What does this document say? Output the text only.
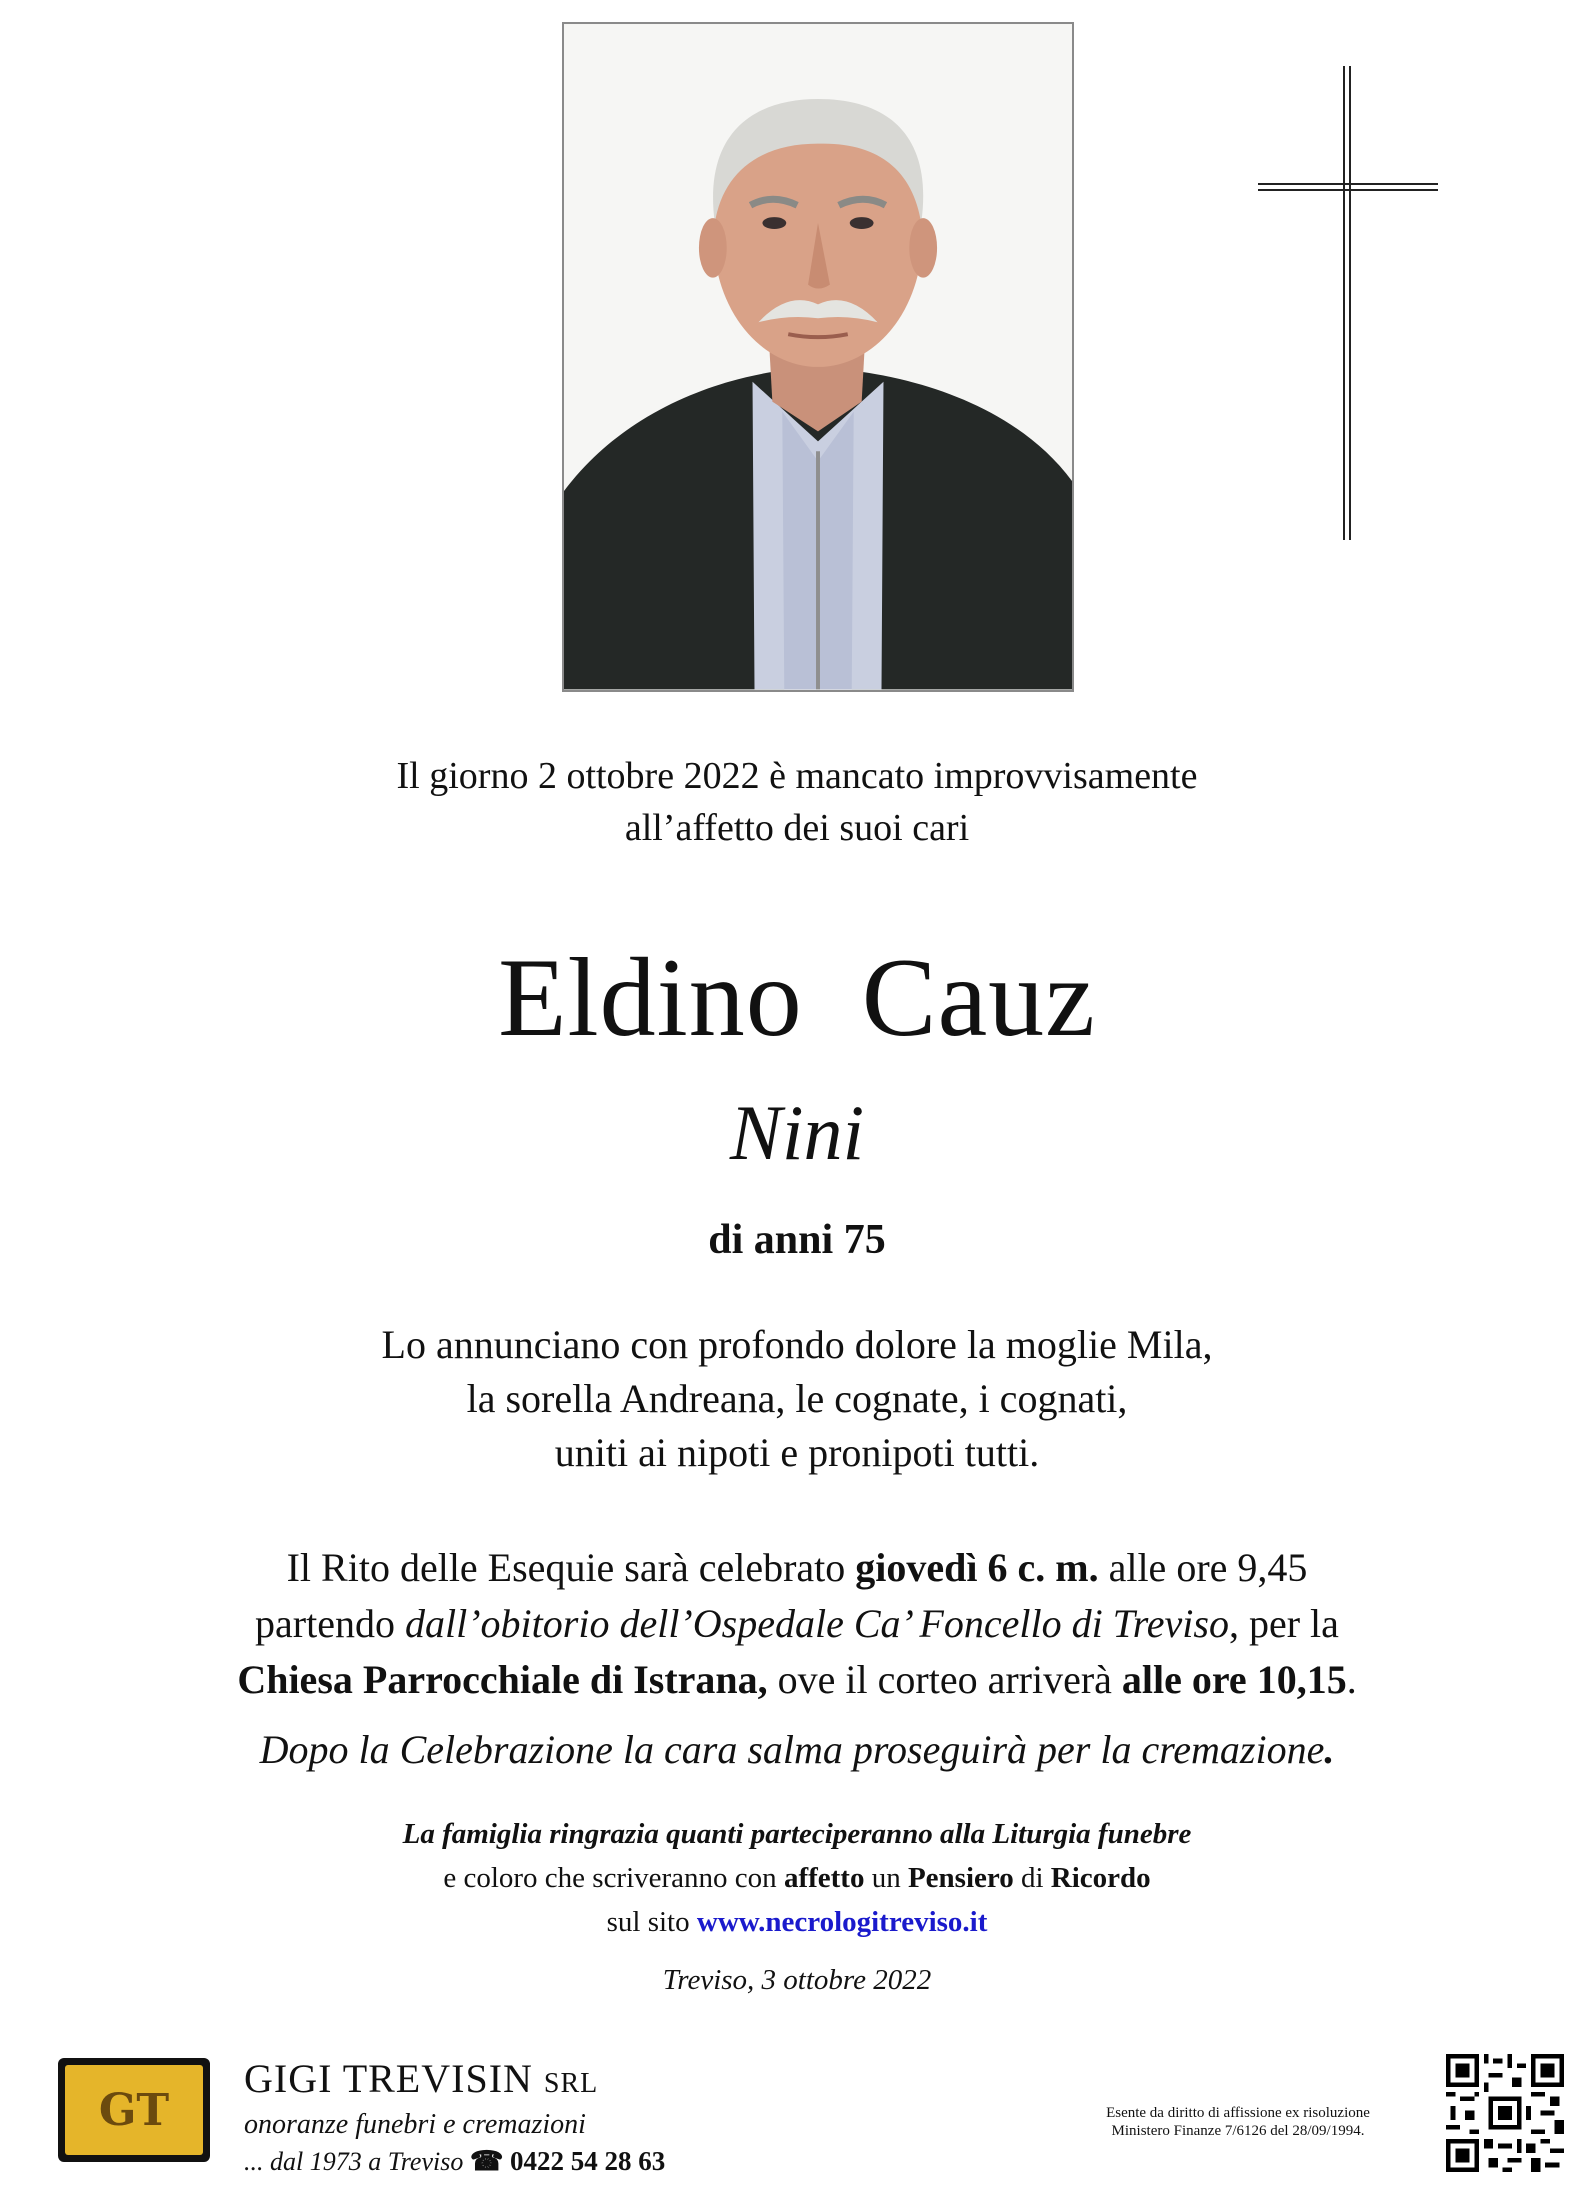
Il giorno 2 ottobre 2022 è mancato improvvisamente
all’affetto dei suoi cari
Eldino Cauz
Nini
di anni 75
Lo annunciano con profondo dolore la moglie Mila,
la sorella Andreana, le cognate, i cognati,
uniti ai nipoti e pronipoti tutti.
Il Rito delle Esequie sarà celebrato giovedì 6 c. m. alle ore 9,45
partendo dall’obitorio dell’Ospedale Ca’ Foncello di Treviso, per la
Chiesa Parrocchiale di Istrana, ove il corteo arriverà alle ore 10,15.
Dopo la Celebrazione la cara salma proseguirà per la cremazione.
La famiglia ringrazia quanti parteciperanno alla Liturgia funebre
e coloro che scriveranno con affetto un Pensiero di Ricordo
sul sito www.necrologitreviso.it
Treviso, 3 ottobre 2022
GT
GIGI TREVISIN SRL
onoranze funebri e cremazioni
... dal 1973 a Treviso ☎ 0422 54 28 63
Esente da diritto di affissione ex risoluzione
Ministero Finanze 7/6126 del 28/09/1994.
